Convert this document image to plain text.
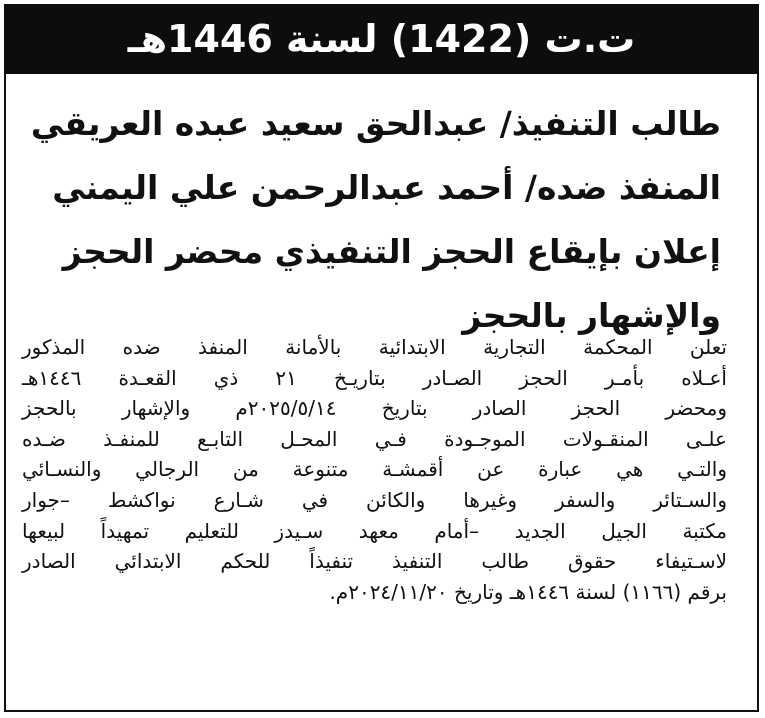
ت.ت (1422) لسنة 1446هـ
طالب التنفيذ/ عبدالحق سعيد عبده العريقي
المنفذ ضده/ أحمد عبدالرحمن علي اليمني
إعلان بإيقاع الحجز التنفيذي محضر الحجز
والإشهار بالحجز
تعلن المحكمة التجارية الابتدائية بالأمانة المنفذ ضده المذكور
أعـلاه بأمـر الحجز الصـادر بتاريـخ ٢١ ذي القعـدة ١٤٤٦هـ
ومحضر الحجز الصادر بتاريخ ٢٠٢٥/٥/١٤م والإشهار بالحجز
علـى المنقـولات الموجـودة فـي المحـل التابـع للمنفـذ ضـده
والتـي هي عبارة عن أقمشـة متنوعة من الرجالي والنسـائي
والسـتائر والسفر وغيرها والكائن في شـارع نواكشط –جوار
مكتبة الجيل الجديد –أمام معهد سـيدز للتعليم تمهيداً لبيعها
لاسـتيفاء حقوق طالب التنفيذ تنفيذاً للحكم الابتدائي الصادر
برقم (١١٦٦) لسنة ١٤٤٦هـ وتاريخ ٢٠٢٤/١١/٢٠م.
